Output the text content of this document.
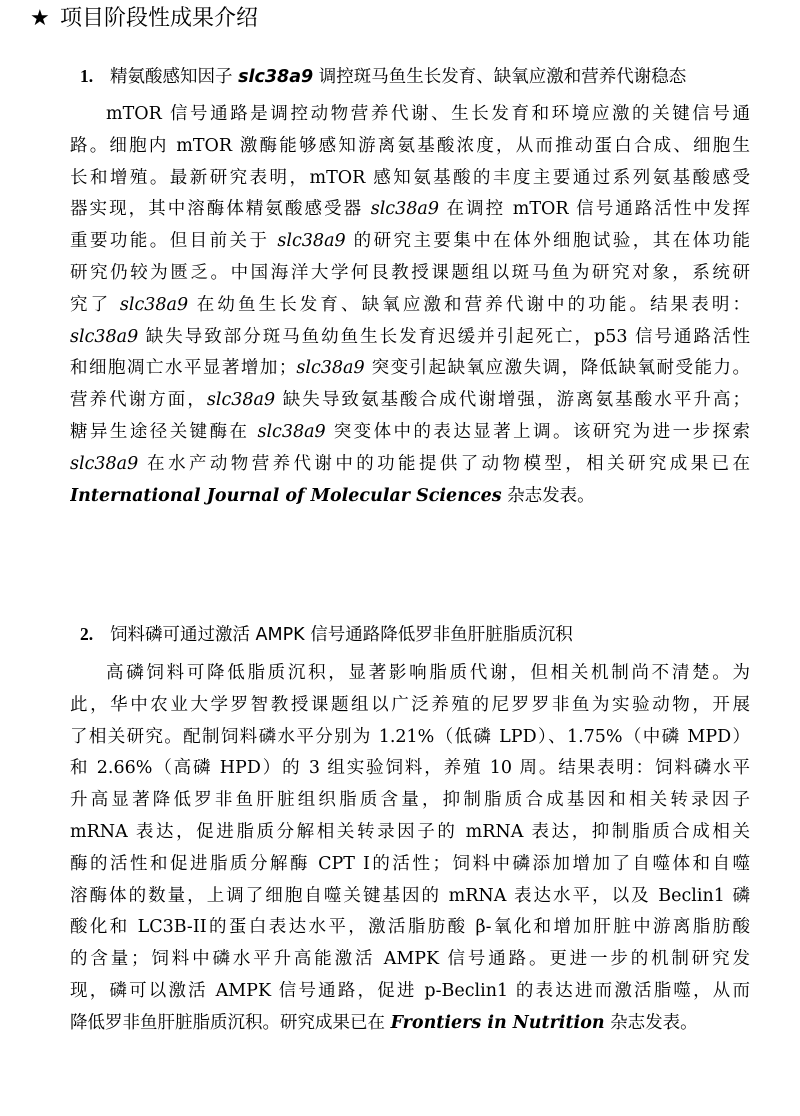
★ 项目阶段性成果介绍
1. 精氨酸感知因子 slc38a9 调控斑马鱼生长发育、缺氧应激和营养代谢稳态
mTOR 信号通路是调控动物营养代谢、生长发育和环境应激的关键信号通
路。细胞内 mTOR 激酶能够感知游离氨基酸浓度，从而推动蛋白合成、细胞生
长和增殖。最新研究表明，mTOR 感知氨基酸的丰度主要通过系列氨基酸感受
器实现，其中溶酶体精氨酸感受器 slc38a9 在调控 mTOR 信号通路活性中发挥
重要功能。但目前关于 slc38a9 的研究主要集中在体外细胞试验，其在体功能
研究仍较为匮乏。中国海洋大学何艮教授课题组以斑马鱼为研究对象，系统研
究了 slc38a9 在幼鱼生长发育、缺氧应激和营养代谢中的功能。结果表明：
slc38a9 缺失导致部分斑马鱼幼鱼生长发育迟缓并引起死亡，p53 信号通路活性
和细胞凋亡水平显著增加；slc38a9 突变引起缺氧应激失调，降低缺氧耐受能力。
营养代谢方面，slc38a9 缺失导致氨基酸合成代谢增强，游离氨基酸水平升高；
糖异生途径关键酶在 slc38a9 突变体中的表达显著上调。该研究为进一步探索
slc38a9 在水产动物营养代谢中的功能提供了动物模型，相关研究成果已在
International Journal of Molecular Sciences 杂志发表。
2. 饲料磷可通过激活 AMPK 信号通路降低罗非鱼肝脏脂质沉积
高磷饲料可降低脂质沉积，显著影响脂质代谢，但相关机制尚不清楚。为
此，华中农业大学罗智教授课题组以广泛养殖的尼罗罗非鱼为实验动物，开展
了相关研究。配制饲料磷水平分别为 1.21%（低磷 LPD）、1.75%（中磷 MPD）
和 2.66%（高磷 HPD）的 3 组实验饲料，养殖 10 周。结果表明：饲料磷水平
升高显著降低罗非鱼肝脏组织脂质含量，抑制脂质合成基因和相关转录因子
mRNA 表达，促进脂质分解相关转录因子的 mRNA 表达，抑制脂质合成相关
酶的活性和促进脂质分解酶 CPT I的活性；饲料中磷添加增加了自噬体和自噬
溶酶体的数量，上调了细胞自噬关键基因的 mRNA 表达水平，以及 Beclin1 磷
酸化和 LC3B-II的蛋白表达水平，激活脂肪酸 β-氧化和增加肝脏中游离脂肪酸
的含量；饲料中磷水平升高能激活 AMPK 信号通路。更进一步的机制研究发
现，磷可以激活 AMPK 信号通路，促进 p-Beclin1 的表达进而激活脂噬，从而
降低罗非鱼肝脏脂质沉积。研究成果已在 Frontiers in Nutrition 杂志发表。
